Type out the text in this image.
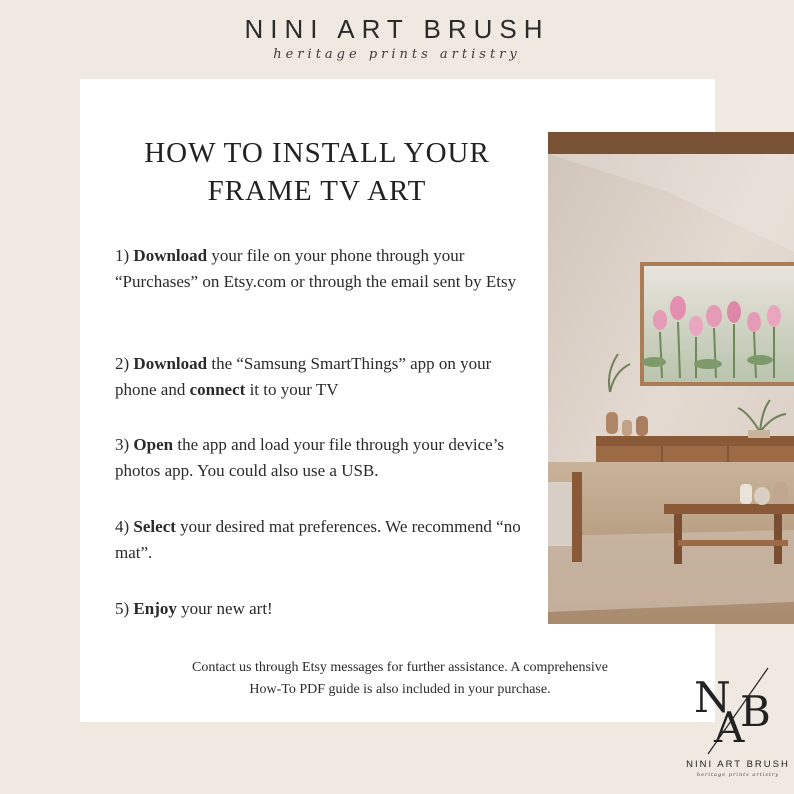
NINI ART BRUSH
heritage prints artistry
HOW TO INSTALL YOUR
FRAME TV ART
1) Download your file on your phone through your “Purchases” on Etsy.com or through the email sent by Etsy
2) Download the “Samsung SmartThings” app on your phone and connect it to your TV
3) Open the app and load your file through your device’s photos app. You could also use a USB.
4) Select your desired mat preferences. We recommend “no mat”.
5) Enjoy your new art!
Contact us through Etsy messages for further assistance. A comprehensive
How-To PDF guide is also included in your purchase.	N
A
B
NINI ART BRUSH
heritage prints artistry
